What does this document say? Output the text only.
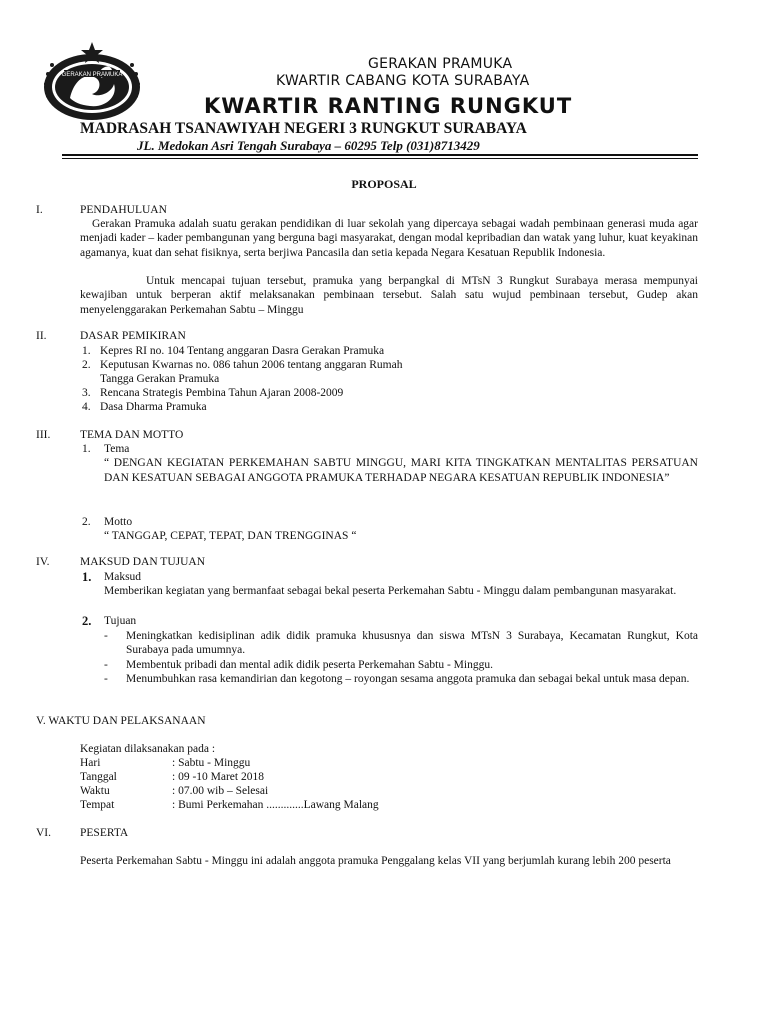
GERAKAN PRAMUKA
GERAKAN PRAMUKA
KWARTIR CABANG KOTA SURABAYA
KWARTIR RANTING RUNGKUT
MADRASAH TSANAWIYAH NEGERI 3 RUNGKUT SURABAYA
JL. Medokan Asri Tengah Surabaya – 60295 Telp (031)8713429
PROPOSAL
I.	PENDAHULUAN
Gerakan Pramuka adalah suatu gerakan pendidikan di luar sekolah yang dipercaya sebagai wadah pembinaan generasi muda agar menjadi kader – kader pembangunan yang berguna bagi masyarakat, dengan modal kepribadian dan watak yang luhur, kuat keyakinan agamanya, kuat dan sehat fisiknya, serta berjiwa Pancasila dan setia kepada Negara Kesatuan Republik Indonesia.
Untuk mencapai tujuan tersebut, pramuka yang berpangkal di MTsN 3 Rungkut Surabaya merasa mempunyai kewajiban untuk berperan aktif melaksanakan pembinaan tersebut. Salah satu wujud pembinaan tersebut, Gudep akan menyelenggarakan Perkemahan Sabtu – Minggu
II.	DASAR PEMIKIRAN
1. Kepres RI no. 104 Tentang anggaran Dasra Gerakan Pramuka
2. Keputusan Kwarnas no. 086 tahun 2006 tentang anggaran Rumah
Tangga Gerakan Pramuka
3. Rencana Strategis Pembina Tahun Ajaran 2008-2009
4. Dasa Dharma Pramuka
III.	TEMA DAN MOTTO
1. Tema
“ DENGAN KEGIATAN PERKEMAHAN SABTU MINGGU, MARI KITA TINGKATKAN MENTALITAS PERSATUAN DAN KESATUAN SEBAGAI ANGGOTA PRAMUKA TERHADAP NEGARA KESATUAN REPUBLIK INDONESIA”
2. Motto
“ TANGGAP, CEPAT, TEPAT, DAN TRENGGINAS “
IV.	MAKSUD DAN TUJUAN
1. Maksud
Memberikan kegiatan yang bermanfaat sebagai bekal peserta Perkemahan Sabtu - Minggu dalam pembangunan masyarakat.
2. Tujuan
- Meningkatkan kedisiplinan adik didik pramuka khususnya dan siswa MTsN 3 Surabaya, Kecamatan Rungkut, Kota Surabaya pada umumnya.
- Membentuk pribadi dan mental adik didik peserta Perkemahan Sabtu - Minggu.
- Menumbuhkan rasa kemandirian dan kegotong – royongan sesama anggota pramuka dan sebagai bekal untuk masa depan.
V. WAKTU DAN PELAKSANAAN
Kegiatan dilaksanakan pada :
Hari	: Sabtu - Minggu
Tanggal	: 09 -10 Maret 2018
Waktu	: 07.00 wib – Selesai
Tempat	: Bumi Perkemahan .............Lawang Malang
VI.	PESERTA
Peserta Perkemahan Sabtu - Minggu ini adalah anggota pramuka Penggalang kelas VII yang berjumlah kurang lebih 200 peserta
